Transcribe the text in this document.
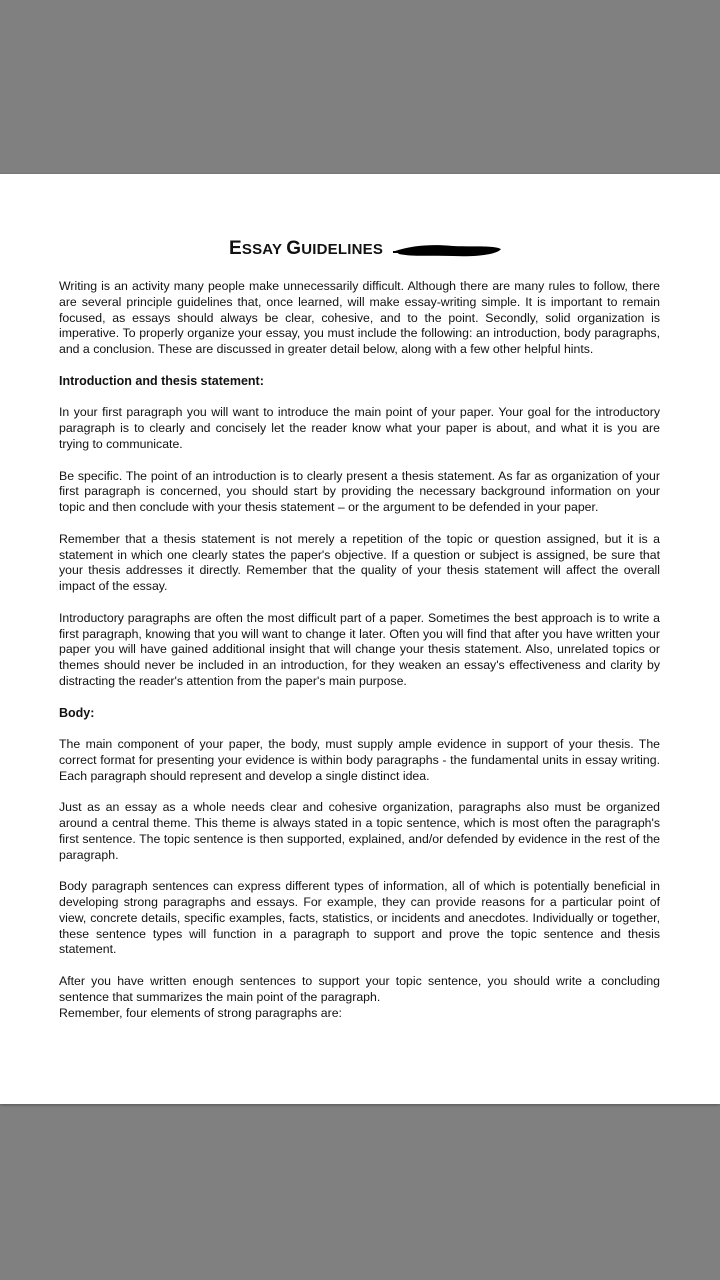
ESSAY GUIDELINES

Writing is an activity many people make unnecessarily difficult. Although there are many rules to follow, there are several principle guidelines that, once learned, will make essay-writing simple. It is important to remain focused, as essays should always be clear, cohesive, and to the point. Secondly, solid organization is imperative. To properly organize your essay, you must include the following: an introduction, body paragraphs, and a conclusion. These are discussed in greater detail below, along with a few other helpful hints.

Introduction and thesis statement:

In your first paragraph you will want to introduce the main point of your paper. Your goal for the introductory paragraph is to clearly and concisely let the reader know what your paper is about, and what it is you are trying to communicate.

Be specific. The point of an introduction is to clearly present a thesis statement. As far as organization of your first paragraph is concerned, you should start by providing the necessary background information on your topic and then conclude with your thesis statement – or the argument to be defended in your paper.

Remember that a thesis statement is not merely a repetition of the topic or question assigned, but it is a statement in which one clearly states the paper's objective. If a question or subject is assigned, be sure that your thesis addresses it directly. Remember that the quality of your thesis statement will affect the overall impact of the essay.

Introductory paragraphs are often the most difficult part of a paper. Sometimes the best approach is to write a first paragraph, knowing that you will want to change it later. Often you will find that after you have written your paper you will have gained additional insight that will change your thesis statement. Also, unrelated topics or themes should never be included in an introduction, for they weaken an essay's effectiveness and clarity by distracting the reader's attention from the paper's main purpose.

Body:

The main component of your paper, the body, must supply ample evidence in support of your thesis. The correct format for presenting your evidence is within body paragraphs - the fundamental units in essay writing. Each paragraph should represent and develop a single distinct idea.

Just as an essay as a whole needs clear and cohesive organization, paragraphs also must be organized around a central theme. This theme is always stated in a topic sentence, which is most often the paragraph's first sentence. The topic sentence is then supported, explained, and/or defended by evidence in the rest of the paragraph.

Body paragraph sentences can express different types of information, all of which is potentially beneficial in developing strong paragraphs and essays. For example, they can provide reasons for a particular point of view, concrete details, specific examples, facts, statistics, or incidents and anecdotes. Individually or together, these sentence types will function in a paragraph to support and prove the topic sentence and thesis statement.

After you have written enough sentences to support your topic sentence, you should write a concluding sentence that summarizes the main point of the paragraph.

Remember, four elements of strong paragraphs are:
